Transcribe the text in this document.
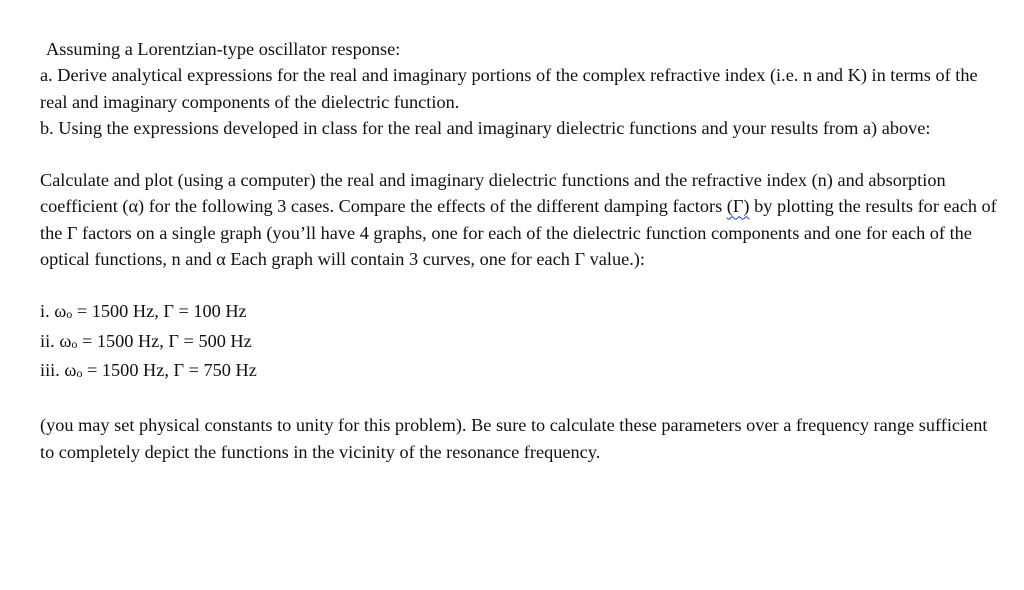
Assuming a Lorentzian-type oscillator response:

a. Derive analytical expressions for the real and imaginary portions of the complex refractive index (i.e. n and K) in terms of the real and imaginary components of the dielectric function.

b. Using the expressions developed in class for the real and imaginary dielectric functions and your results from a) above:

Calculate and plot (using a computer) the real and imaginary dielectric functions and the refractive index (n) and absorption coefficient (α) for the following 3 cases. Compare the effects of the different damping factors (Γ) by plotting the results for each of the Γ factors on a single graph (you’ll have 4 graphs, one for each of the dielectric function components and one for each of the optical functions, n and α Each graph will contain 3 curves, one for each Γ value.):

i. ωo = 1500 Hz, Γ = 100 Hz

ii. ωo = 1500 Hz, Γ = 500 Hz

iii. ωo = 1500 Hz, Γ = 750 Hz

(you may set physical constants to unity for this problem). Be sure to calculate these parameters over a frequency range sufficient to completely depict the functions in the vicinity of the resonance frequency.
